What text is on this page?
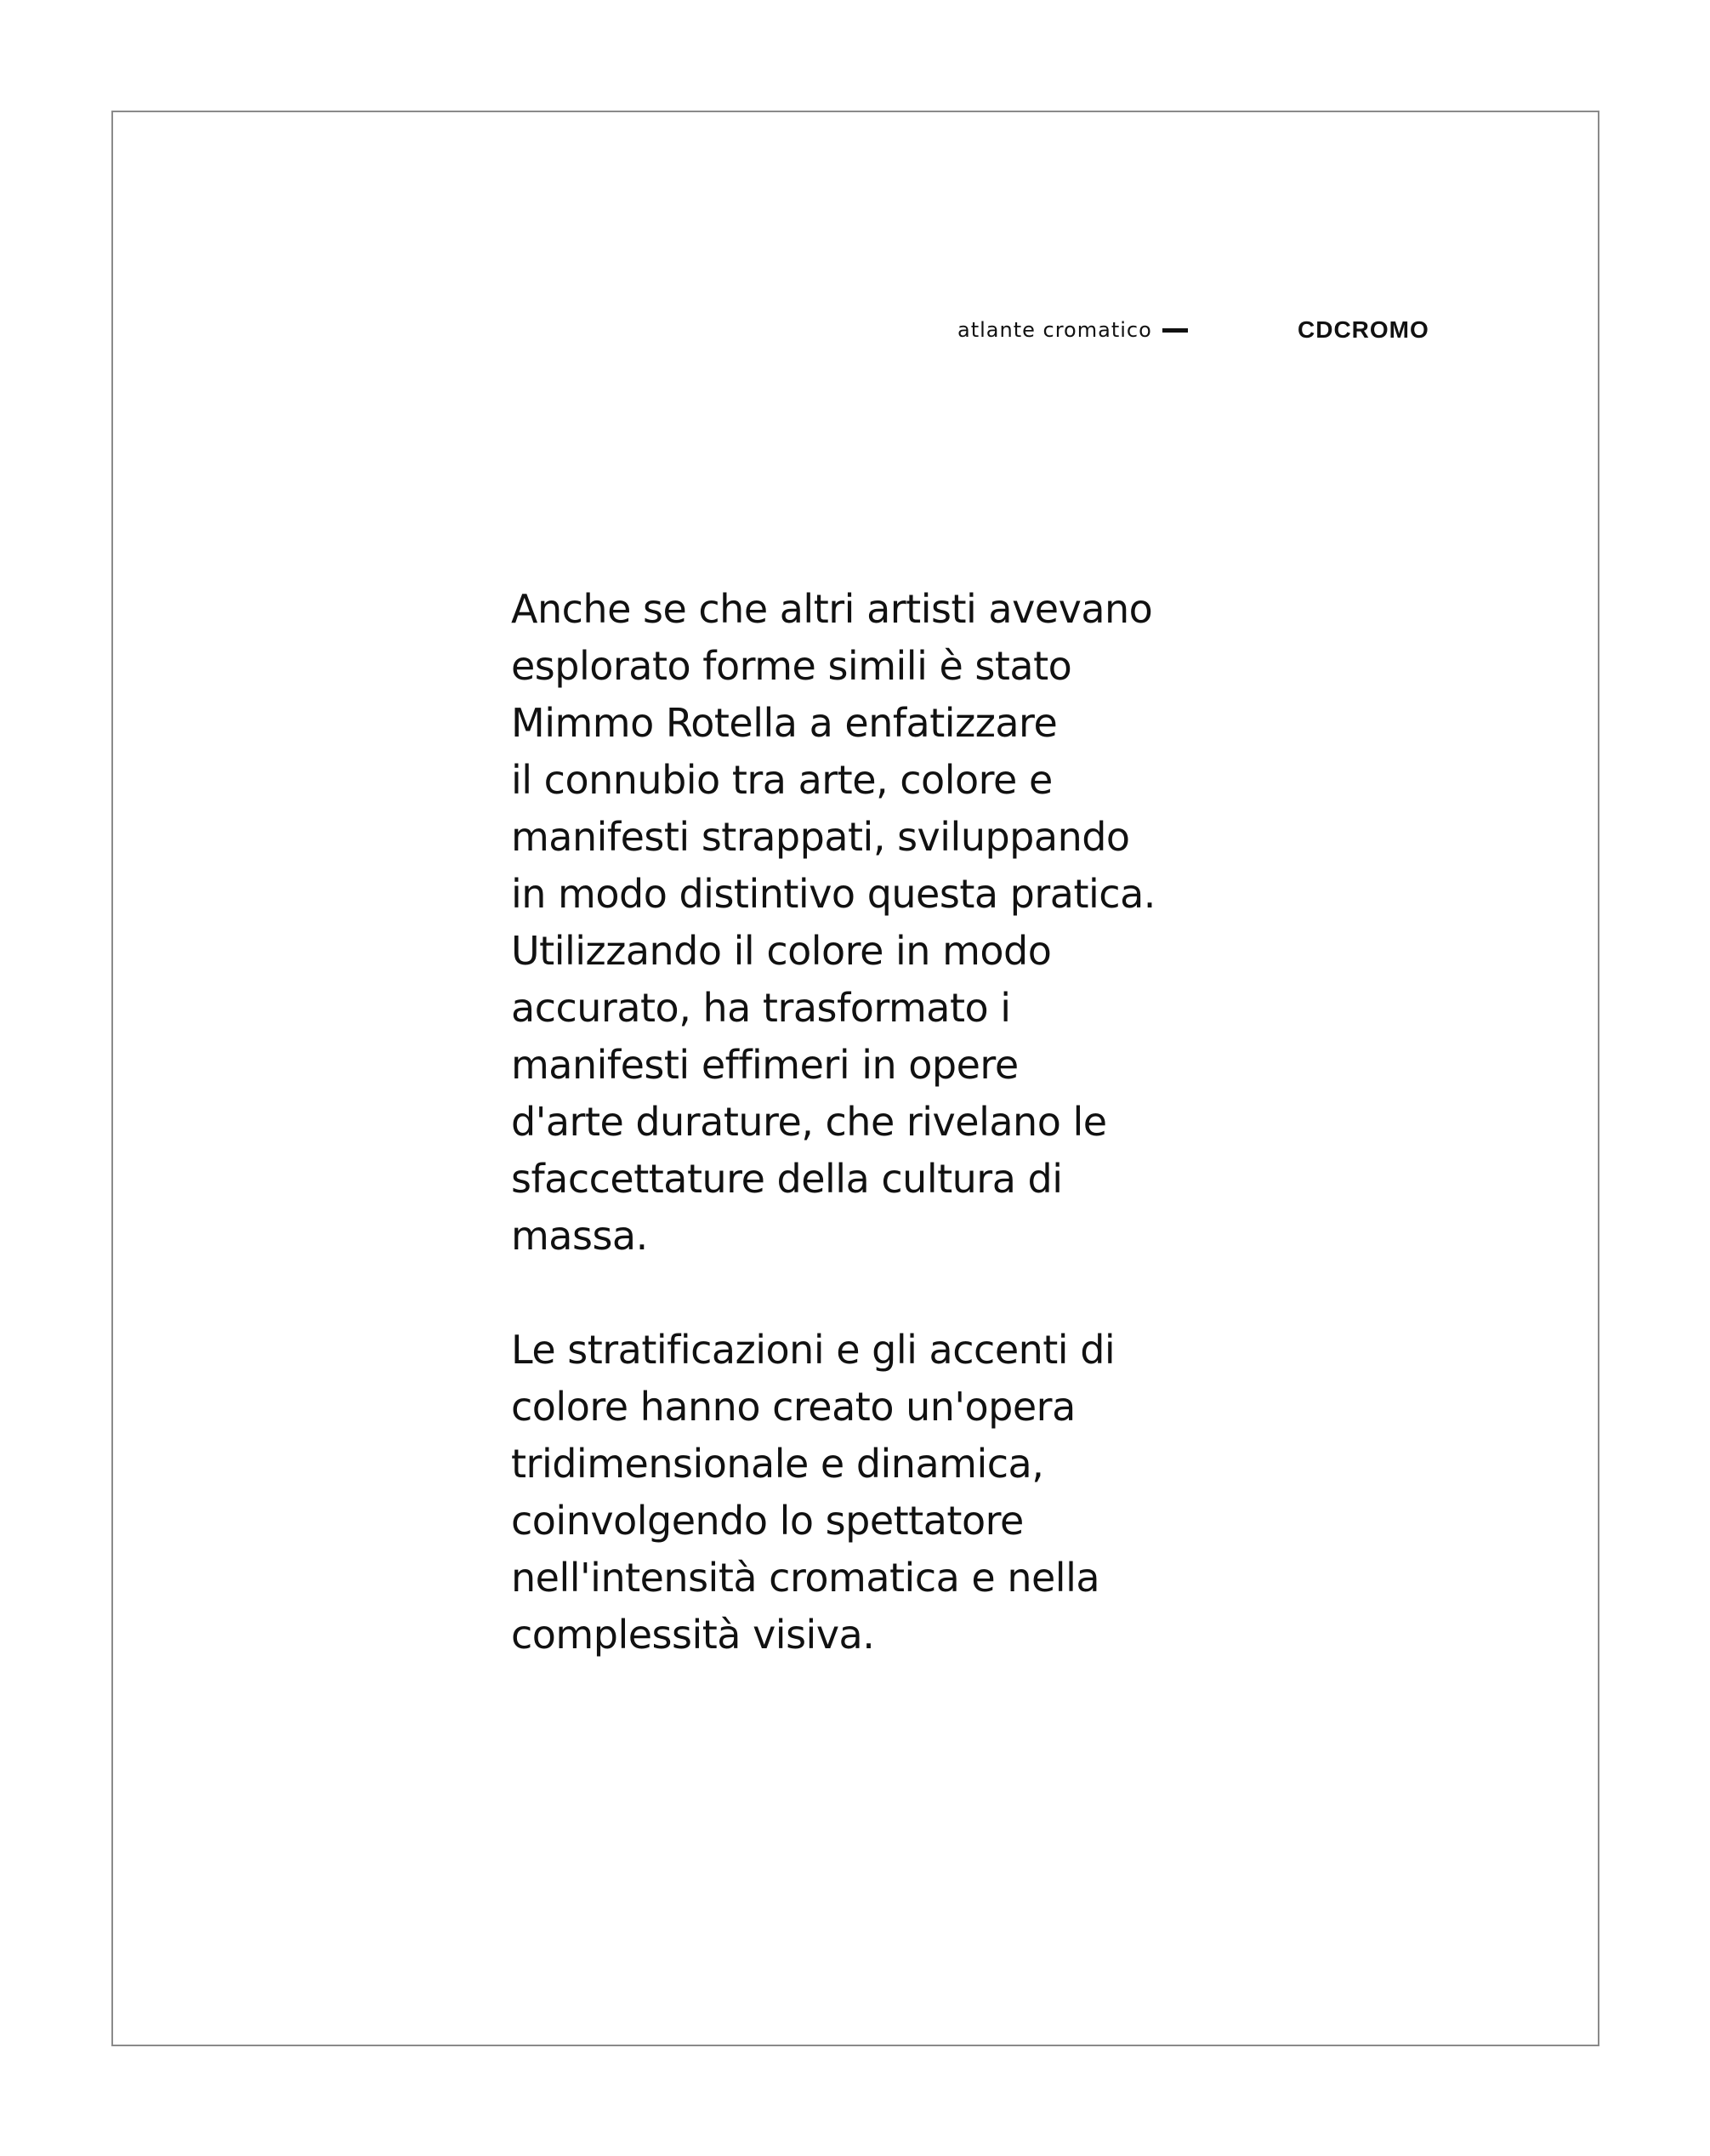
atlante cromatico	CDCROMO

Anche se che altri artisti avevano
esplorato forme simili è stato
Mimmo Rotella a enfatizzare
il connubio tra arte, colore e
manifesti strappati, sviluppando
in modo distintivo questa pratica.
Utilizzando il colore in modo
accurato, ha trasformato i
manifesti effimeri in opere
d'arte durature, che rivelano le
sfaccettature della cultura di
massa.

Le stratificazioni e gli accenti di
colore hanno creato un'opera
tridimensionale e dinamica,
coinvolgendo lo spettatore
nell'intensità cromatica e nella
complessità visiva.
